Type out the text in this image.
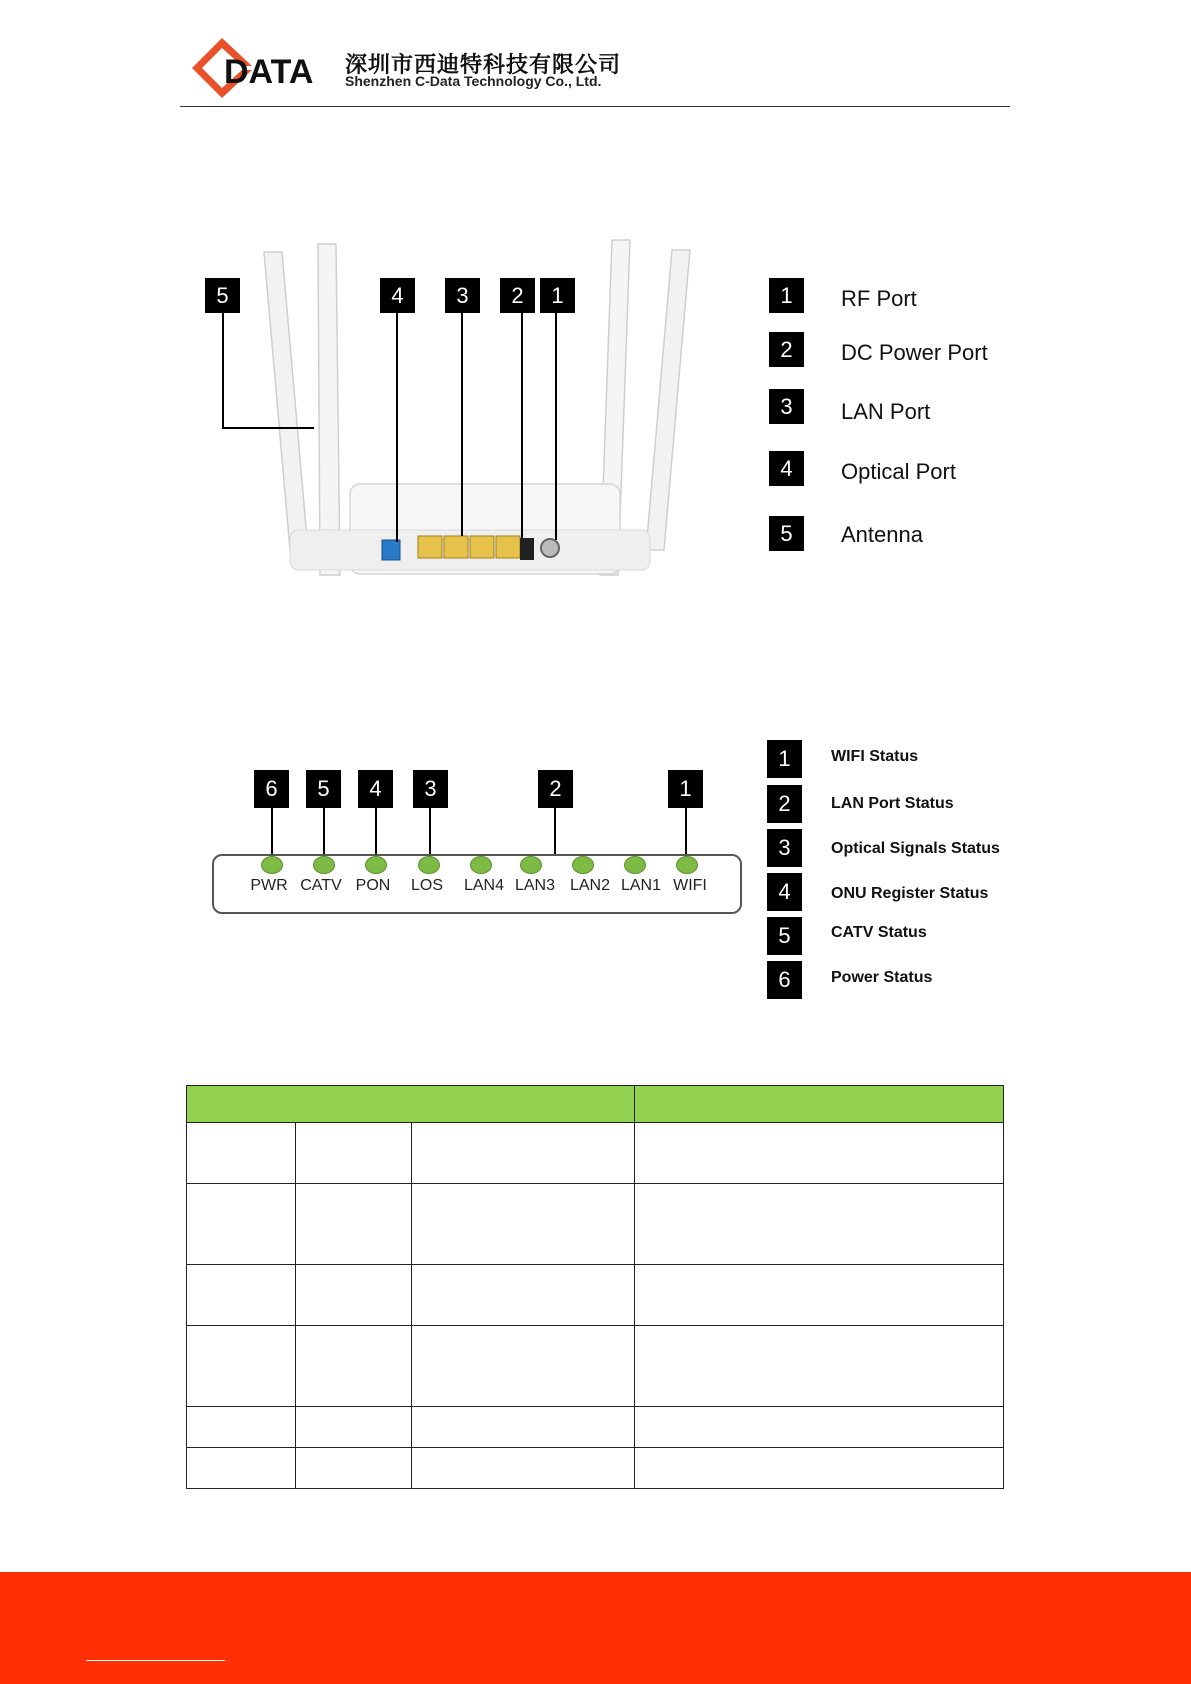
DATA 深圳市西迪特科技有限公司
Shenzhen C-Data Technology Co., Ltd.
5	4	3	2	1	1	RF Port
2	DC Power Port
3	LAN Port
4	Optical Port
5	Antenna
6	5	4	3	2	1
PWR CATV PON	LOS	LAN4 LAN3 LAN2 LAN1 WIFI
1	WIFI Status
2	LAN Port Status
3	Optical Signals Status
4	ONU Register Status
5	CATV Status
6	Power Status
